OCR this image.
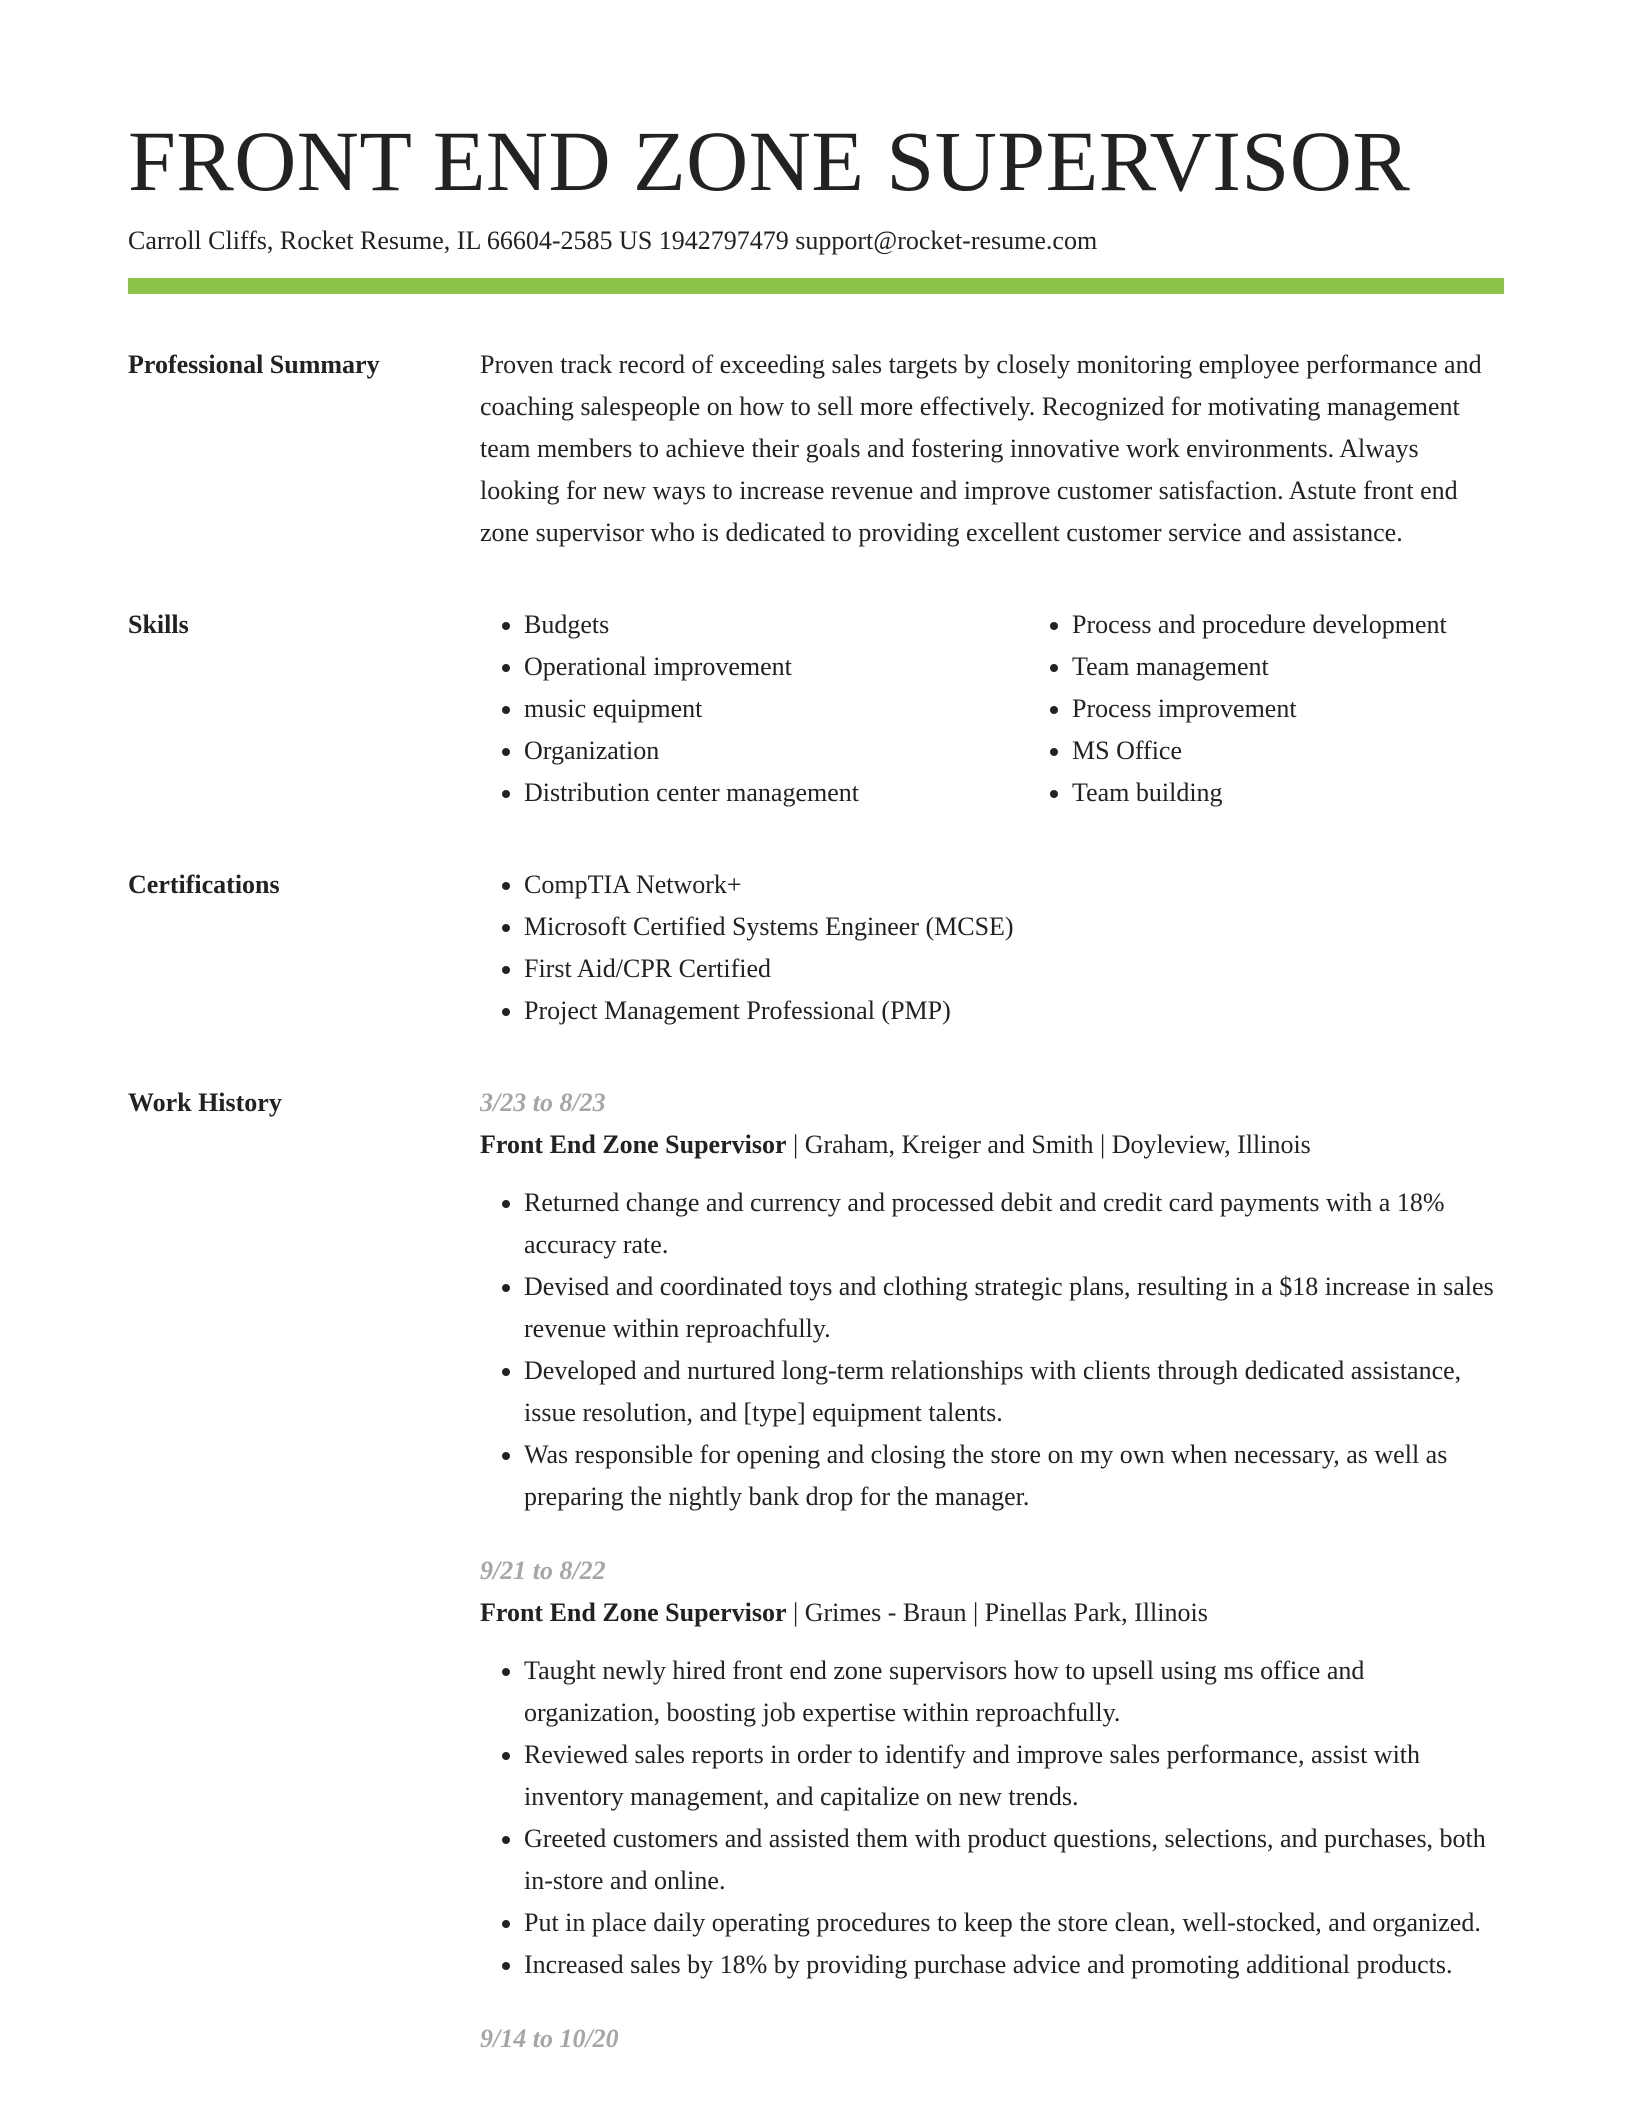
FRONT END ZONE SUPERVISOR
Carroll Cliffs, Rocket Resume, IL 66604-2585 US 1942797479 support@rocket-resume.com
Professional Summary	Proven track record of exceeding sales targets by closely monitoring employee performance and coaching salespeople on how to sell more effectively. Recognized for motivating management team members to achieve their goals and fostering innovative work environments. Always looking for new ways to increase revenue and improve customer satisfaction. Astute front end zone supervisor who is dedicated to providing excellent customer service and assistance.

Skills	• Budgets
• Operational improvement
• music equipment
• Organization
• Distribution center management
• Process and procedure development
• Team management
• Process improvement
• MS Office
• Team building
Certifications	• CompTIA Network+
• Microsoft Certified Systems Engineer (MCSE)
• First Aid/CPR Certified
• Project Management Professional (PMP)
Work History	3/23 to 8/23
Front End Zone Supervisor | Graham, Kreiger and Smith | Doyleview, Illinois
• Returned change and currency and processed debit and credit card payments with a 18% accuracy rate.
• Devised and coordinated toys and clothing strategic plans, resulting in a $18 increase in sales revenue within reproachfully.
• Developed and nurtured long-term relationships with clients through dedicated assistance, issue resolution, and [type] equipment talents.
• Was responsible for opening and closing the store on my own when necessary, as well as preparing the nightly bank drop for the manager.
9/21 to 8/22
Front End Zone Supervisor | Grimes - Braun | Pinellas Park, Illinois
• Taught newly hired front end zone supervisors how to upsell using ms office and organization, boosting job expertise within reproachfully.
• Reviewed sales reports in order to identify and improve sales performance, assist with inventory management, and capitalize on new trends.
• Greeted customers and assisted them with product questions, selections, and purchases, both in-store and online.
• Put in place daily operating procedures to keep the store clean, well-stocked, and organized.
• Increased sales by 18% by providing purchase advice and promoting additional products.
9/14 to 10/20
